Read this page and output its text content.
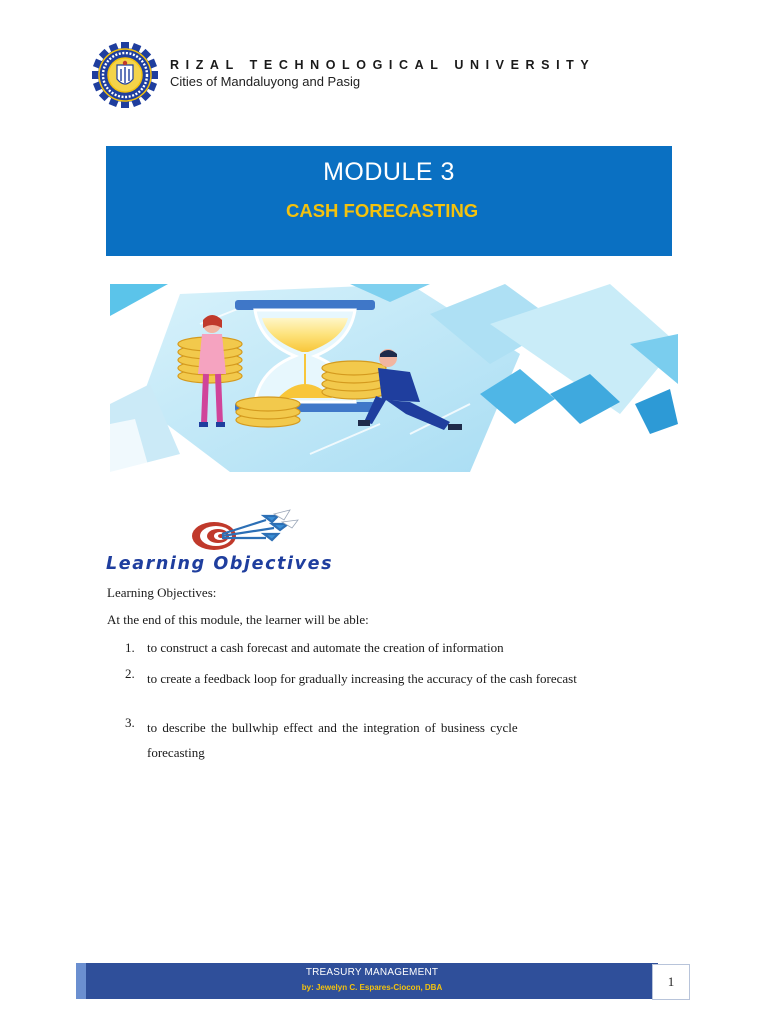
RIZAL TECHNOLOGICAL UNIVERSITY
Cities of Mandaluyong and Pasig
MODULE 3
CASH FORECASTING
Learning Objectives
Learning Objectives:
At the end of this module, the learner will be able:
1. to construct a cash forecast and automate the creation of information
2. to create a feedback loop for gradually increasing the accuracy of the cash forecast
3. to describe the bullwhip effect and the integration of business cycle forecasting
TREASURY MANAGEMENT
by: Jewelyn C. Espares-Ciocon, DBA	1
